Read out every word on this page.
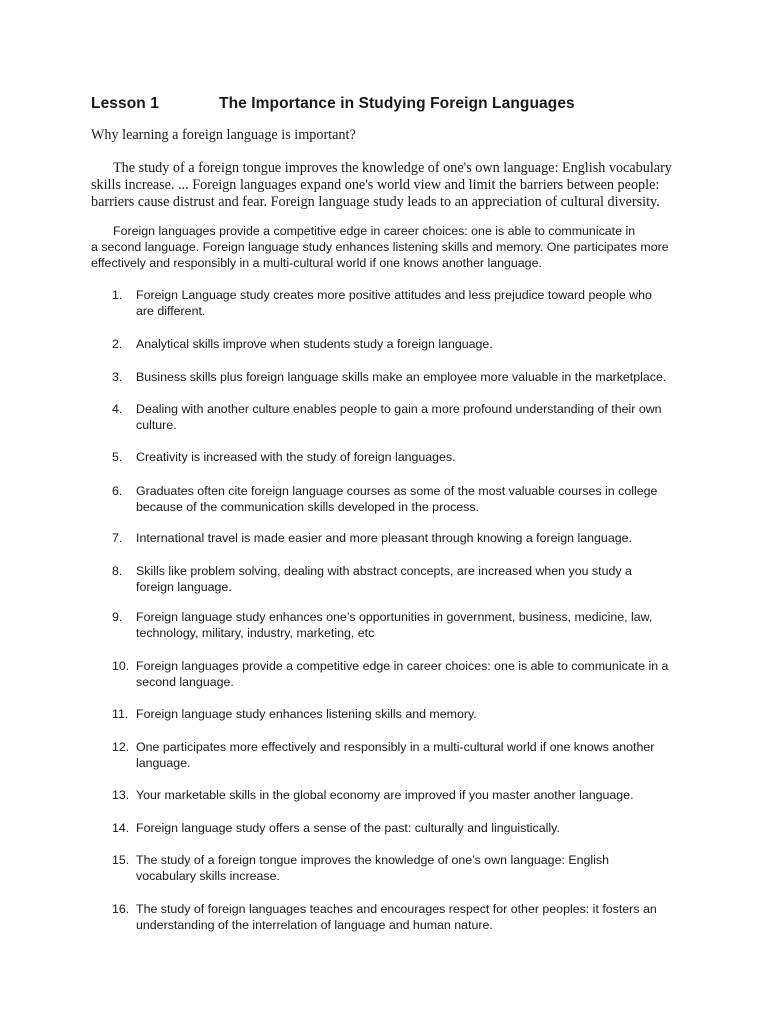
Lesson 1	The Importance in Studying Foreign Languages
Why learning a foreign language is important?
The study of a foreign tongue improves the knowledge of one's own language: English vocabulary
skills increase. ... Foreign languages expand one's world view and limit the barriers between people:
barriers cause distrust and fear. Foreign language study leads to an appreciation of cultural diversity.
Foreign languages provide a competitive edge in career choices: one is able to communicate in
a second language. Foreign language study enhances listening skills and memory. One participates more
effectively and responsibly in a multi-cultural world if one knows another language.
1. Foreign Language study creates more positive attitudes and less prejudice toward people who
are different.
2. Analytical skills improve when students study a foreign language.
3. Business skills plus foreign language skills make an employee more valuable in the marketplace.
4. Dealing with another culture enables people to gain a more profound understanding of their own
culture.
5. Creativity is increased with the study of foreign languages.
6. Graduates often cite foreign language courses as some of the most valuable courses in college
because of the communication skills developed in the process.
7. International travel is made easier and more pleasant through knowing a foreign language.
8. Skills like problem solving, dealing with abstract concepts, are increased when you study a
foreign language.
9. Foreign language study enhances one’s opportunities in government, business, medicine, law,
technology, military, industry, marketing, etc
10. Foreign languages provide a competitive edge in career choices: one is able to communicate in a
second language.
11. Foreign language study enhances listening skills and memory.
12. One participates more effectively and responsibly in a multi-cultural world if one knows another
language.
13. Your marketable skills in the global economy are improved if you master another language.
14. Foreign language study offers a sense of the past: culturally and linguistically.
15. The study of a foreign tongue improves the knowledge of one’s own language: English
vocabulary skills increase.
16. The study of foreign languages teaches and encourages respect for other peoples: it fosters an
understanding of the interrelation of language and human nature.
